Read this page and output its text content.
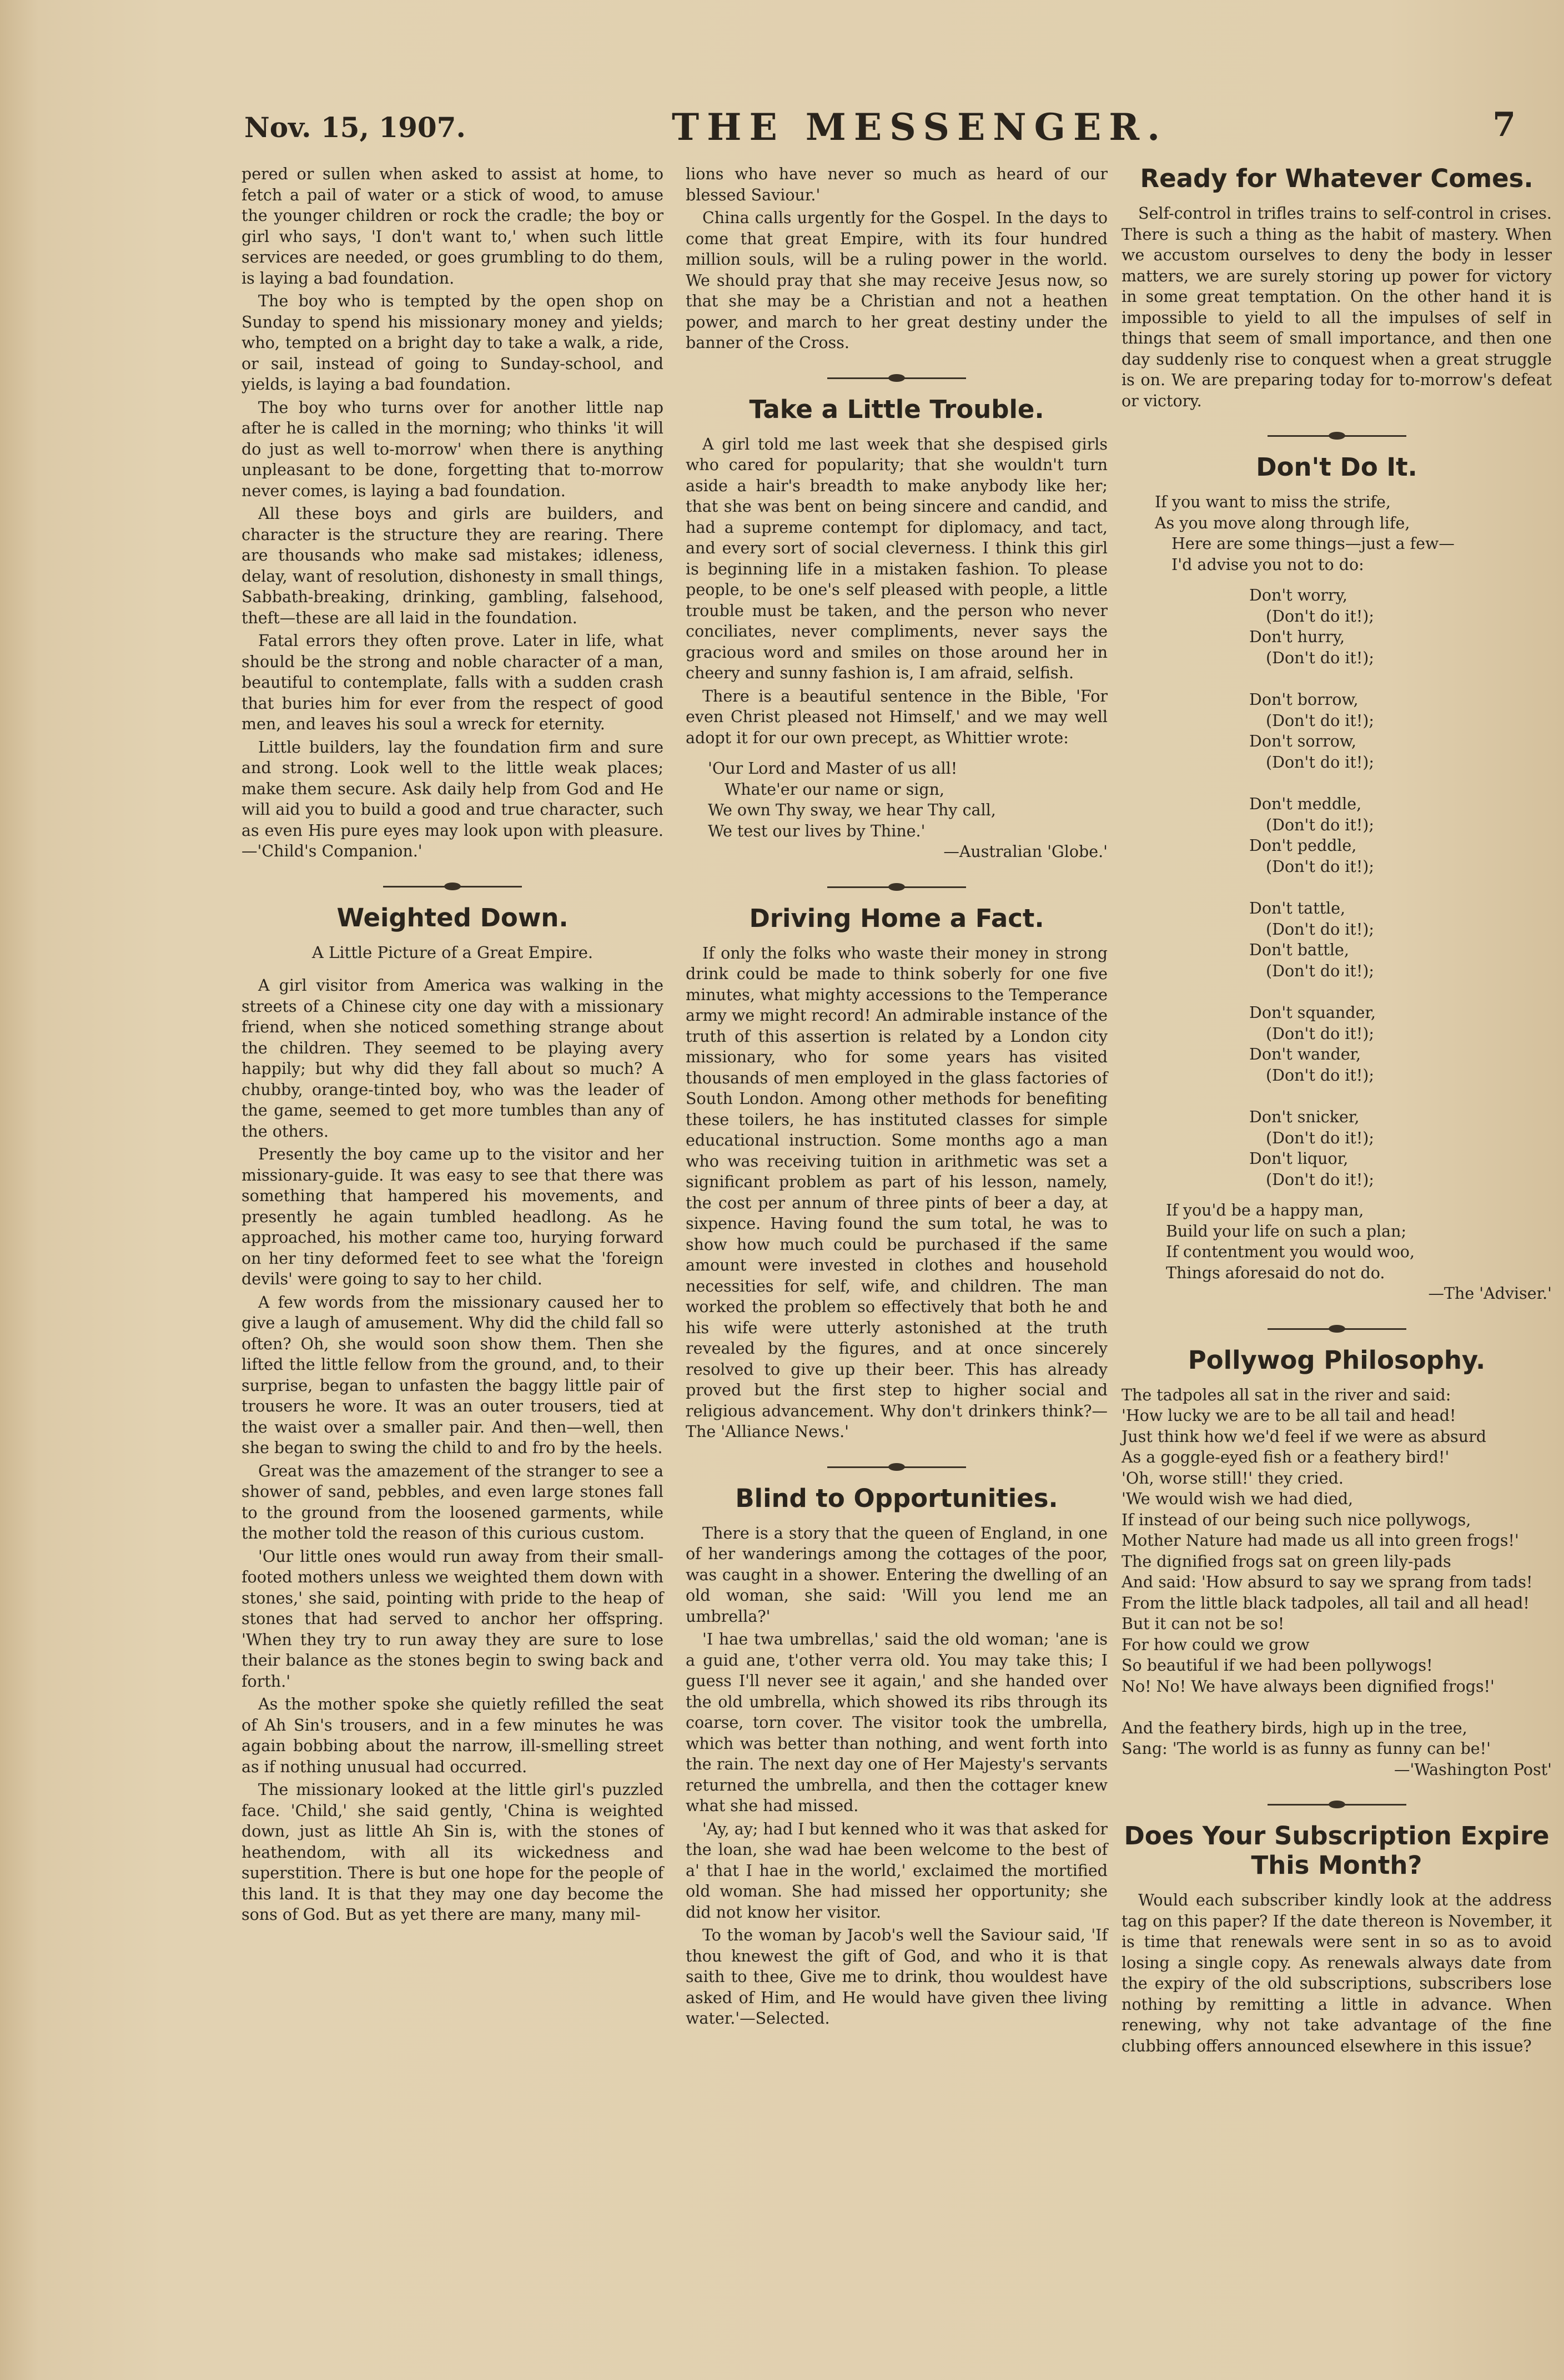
Nov. 15, 1907.	THE MESSENGER.	7

pered or sullen when asked to assist at home, to fetch a pail of water or a stick of wood, to amuse the younger children or rock the cradle; the boy or girl who says, 'I don't want to,' when such little services are needed, or goes grumbling to do them, is laying a bad foundation.

The boy who is tempted by the open shop on Sunday to spend his missionary money and yields; who, tempted on a bright day to take a walk, a ride, or sail, instead of going to Sunday-school, and yields, is laying a bad foundation.

The boy who turns over for another little nap after he is called in the morning; who thinks 'it will do just as well to-morrow' when there is anything unpleasant to be done, forgetting that to-morrow never comes, is laying a bad foundation.

All these boys and girls are builders, and character is the structure they are rearing. There are thousands who make sad mistakes; idleness, delay, want of resolution, dishonesty in small things, Sabbath-breaking, drinking, gambling, falsehood, theft—these are all laid in the foundation.

Fatal errors they often prove. Later in life, what should be the strong and noble character of a man, beautiful to contemplate, falls with a sudden crash that buries him for ever from the respect of good men, and leaves his soul a wreck for eternity.

Little builders, lay the foundation firm and sure and strong. Look well to the little weak places; make them secure. Ask daily help from God and He will aid you to build a good and true character, such as even His pure eyes may look upon with pleasure.—'Child's Companion.'

Weighted Down.

A Little Picture of a Great Empire.

A girl visitor from America was walking in the streets of a Chinese city one day with a missionary friend, when she noticed something strange about the children. They seemed to be playing avery happily; but why did they fall about so much? A chubby, orange-tinted boy, who was the leader of the game, seemed to get more tumbles than any of the others.

Presently the boy came up to the visitor and her missionary-guide. It was easy to see that there was something that hampered his movements, and presently he again tumbled headlong. As he approached, his mother came too, hurying forward on her tiny deformed feet to see what the 'foreign devils' were going to say to her child.

A few words from the missionary caused her to give a laugh of amusement. Why did the child fall so often? Oh, she would soon show them. Then she lifted the little fellow from the ground, and, to their surprise, began to unfasten the baggy little pair of trousers he wore. It was an outer trousers, tied at the waist over a smaller pair. And then—well, then she began to swing the child to and fro by the heels.

Great was the amazement of the stranger to see a shower of sand, pebbles, and even large stones fall to the ground from the loosened garments, while the mother told the reason of this curious custom.

'Our little ones would run away from their small-footed mothers unless we weighted them down with stones,' she said, pointing with pride to the heap of stones that had served to anchor her offspring. 'When they try to run away they are sure to lose their balance as the stones begin to swing back and forth.'

As the mother spoke she quietly refilled the seat of Ah Sin's trousers, and in a few minutes he was again bobbing about the narrow, ill-smelling street as if nothing unusual had occurred.

The missionary looked at the little girl's puzzled face. 'Child,' she said gently, 'China is weighted down, just as little Ah Sin is, with the stones of heathendom, with all its wickedness and superstition. There is but one hope for the people of this land. It is that they may one day become the sons of God. But as yet there are many, many mil-

lions who have never so much as heard of our blessed Saviour.'

China calls urgently for the Gospel. In the days to come that great Empire, with its four hundred million souls, will be a ruling power in the world. We should pray that she may receive Jesus now, so that she may be a Christian and not a heathen power, and march to her great destiny under the banner of the Cross.

Take a Little Trouble.

A girl told me last week that she despised girls who cared for popularity; that she wouldn't turn aside a hair's breadth to make anybody like her; that she was bent on being sincere and candid, and had a supreme contempt for diplomacy, and tact, and every sort of social cleverness. I think this girl is beginning life in a mistaken fashion. To please people, to be one's self pleased with people, a little trouble must be taken, and the person who never conciliates, never compliments, never says the gracious word and smiles on those around her in cheery and sunny fashion is, I am afraid, selfish.

There is a beautiful sentence in the Bible, 'For even Christ pleased not Himself,' and we may well adopt it for our own precept, as Whittier wrote:

'Our Lord and Master of us all!
Whate'er our name or sign,
We own Thy sway, we hear Thy call,
We test our lives by Thine.'
—Australian 'Globe.'
Driving Home a Fact.

If only the folks who waste their money in strong drink could be made to think soberly for one five minutes, what mighty accessions to the Temperance army we might record! An admirable instance of the truth of this assertion is related by a London city missionary, who for some years has visited thousands of men employed in the glass factories of South London. Among other methods for benefiting these toilers, he has instituted classes for simple educational instruction. Some months ago a man who was receiving tuition in arithmetic was set a significant problem as part of his lesson, namely, the cost per annum of three pints of beer a day, at sixpence. Having found the sum total, he was to show how much could be purchased if the same amount were invested in clothes and household necessities for self, wife, and children. The man worked the problem so effectively that both he and his wife were utterly astonished at the truth revealed by the figures, and at once sincerely resolved to give up their beer. This has already proved but the first step to higher social and religious advancement. Why don't drinkers think?—The 'Alliance News.'

Blind to Opportunities.

There is a story that the queen of England, in one of her wanderings among the cottages of the poor, was caught in a shower. Entering the dwelling of an old woman, she said: 'Will you lend me an umbrella?'

'I hae twa umbrellas,' said the old woman; 'ane is a guid ane, t'other verra old. You may take this; I guess I'll never see it again,' and she handed over the old umbrella, which showed its ribs through its coarse, torn cover. The visitor took the umbrella, which was better than nothing, and went forth into the rain. The next day one of Her Majesty's servants returned the umbrella, and then the cottager knew what she had missed.

'Ay, ay; had I but kenned who it was that asked for the loan, she wad hae been welcome to the best of a' that I hae in the world,' exclaimed the mortified old woman. She had missed her opportunity; she did not know her visitor.

To the woman by Jacob's well the Saviour said, 'If thou knewest the gift of God, and who it is that saith to thee, Give me to drink, thou wouldest have asked of Him, and He would have given thee living water.'—Selected.

Ready for Whatever Comes.

Self-control in trifles trains to self-control in crises. There is such a thing as the habit of mastery. When we accustom ourselves to deny the body in lesser matters, we are surely storing up power for victory in some great temptation. On the other hand it is impossible to yield to all the impulses of self in things that seem of small importance, and then one day suddenly rise to conquest when a great struggle is on. We are preparing today for to-morrow's defeat or victory.

Don't Do It.
If you want to miss the strife,
As you move along through life,
Here are some things—just a few—
I'd advise you not to do:
Don't worry,
(Don't do it!);
Don't hurry,
(Don't do it!);
Don't borrow,
(Don't do it!);
Don't sorrow,
(Don't do it!);
Don't meddle,
(Don't do it!);
Don't peddle,
(Don't do it!);
Don't tattle,
(Don't do it!);
Don't battle,
(Don't do it!);
Don't squander,
(Don't do it!);
Don't wander,
(Don't do it!);
Don't snicker,
(Don't do it!);
Don't liquor,
(Don't do it!);
If you'd be a happy man,
Build your life on such a plan;
If contentment you would woo,
Things aforesaid do not do.
—The 'Adviser.'
Pollywog Philosophy.
The tadpoles all sat in the river and said:
'How lucky we are to be all tail and head!
Just think how we'd feel if we were as absurd
As a goggle-eyed fish or a feathery bird!'
'Oh, worse still!' they cried.
'We would wish we had died,
If instead of our being such nice pollywogs,
Mother Nature had made us all into green frogs!'
The dignified frogs sat on green lily-pads
And said: 'How absurd to say we sprang from tads!
From the little black tadpoles, all tail and all head!
But it can not be so!
For how could we grow
So beautiful if we had been pollywogs!
No! No! We have always been dignified frogs!'

And the feathery birds, high up in the tree,
Sang: 'The world is as funny as funny can be!'
—'Washington Post'
Does Your Subscription Expire This Month?

Would each subscriber kindly look at the address tag on this paper? If the date thereon is November, it is time that renewals were sent in so as to avoid losing a single copy. As renewals always date from the expiry of the old subscriptions, subscribers lose nothing by remitting a little in advance. When renewing, why not take advantage of the fine clubbing offers announced elsewhere in this issue?
